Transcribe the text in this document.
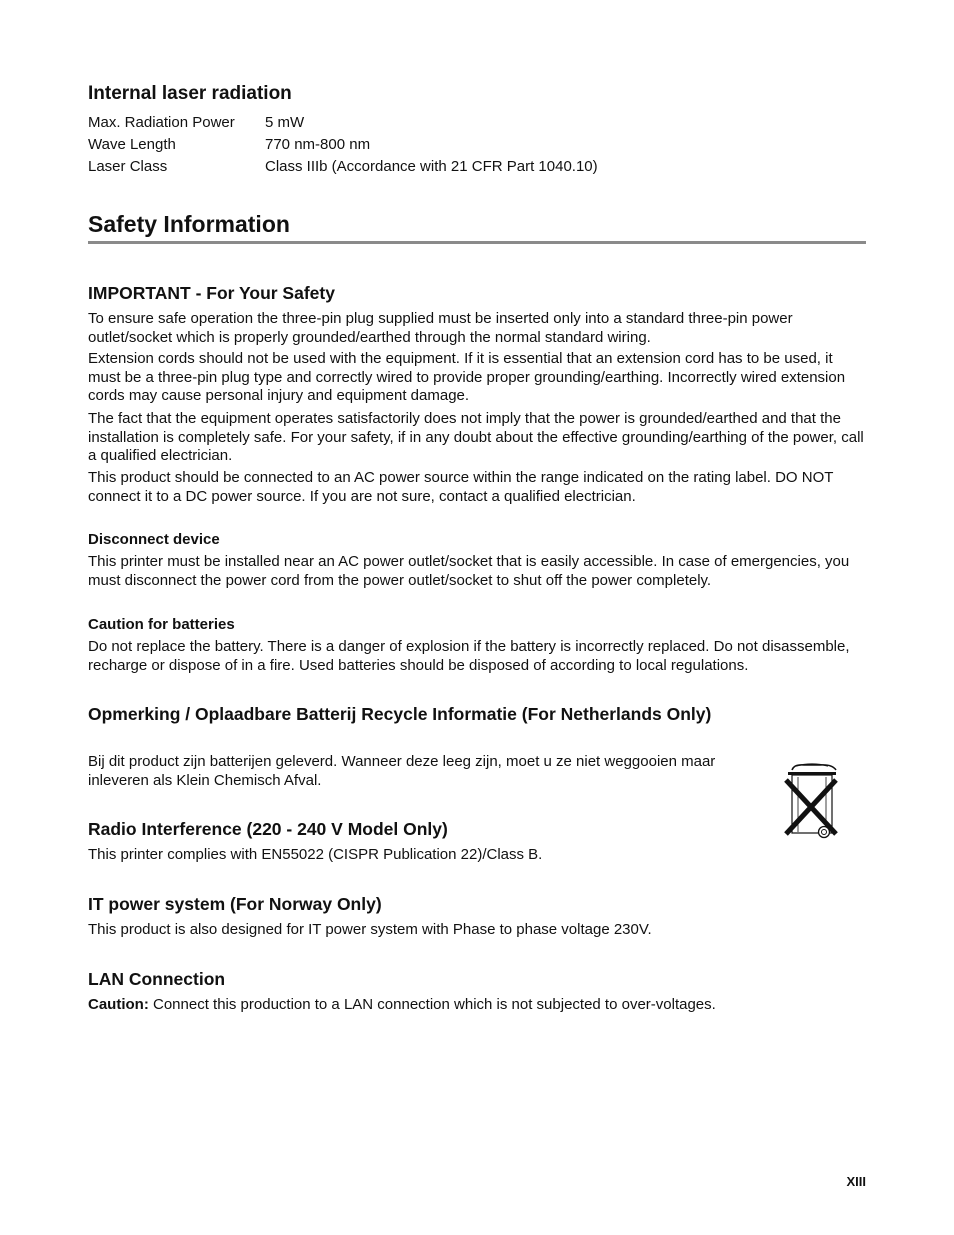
Internal laser radiation
Max. Radiation Power 5 mW
Wave Length	770 nm-800 nm
Laser Class	Class IIIb (Accordance with 21 CFR Part 1040.10)
Safety Information
IMPORTANT - For Your Safety

To ensure safe operation the three-pin plug supplied must be inserted only into a standard three-pin power outlet/socket which is properly grounded/earthed through the normal standard wiring.

Extension cords should not be used with the equipment. If it is essential that an extension cord has to be used, it must be a three-pin plug type and correctly wired to provide proper grounding/earthing. Incorrectly wired extension cords may cause personal injury and equipment damage.

The fact that the equipment operates satisfactorily does not imply that the power is grounded/earthed and that the installation is completely safe. For your safety, if in any doubt about the effective grounding/earthing of the power, call a qualified electrician.

This product should be connected to an AC power source within the range indicated on the rating label. DO NOT connect it to a DC power source. If you are not sure, contact a qualified electrician.

Disconnect device

This printer must be installed near an AC power outlet/socket that is easily accessible. In case of emergencies, you must disconnect the power cord from the power outlet/socket to shut off the power completely.

Caution for batteries

Do not replace the battery. There is a danger of explosion if the battery is incorrectly replaced. Do not disassemble, recharge or dispose of in a fire. Used batteries should be disposed of according to local regulations.

Opmerking / Oplaadbare Batterij Recycle Informatie (For Netherlands Only)

Bij dit product zijn batterijen geleverd. Wanneer deze leeg zijn, moet u ze niet weggooien maar inleveren als Klein Chemisch Afval.

Radio Interference (220 - 240 V Model Only)

This printer complies with EN55022 (CISPR Publication 22)/Class B.

IT power system (For Norway Only)

This product is also designed for IT power system with Phase to phase voltage 230V.

LAN Connection

Caution: Connect this production to a LAN connection which is not subjected to over-voltages.

XIII
